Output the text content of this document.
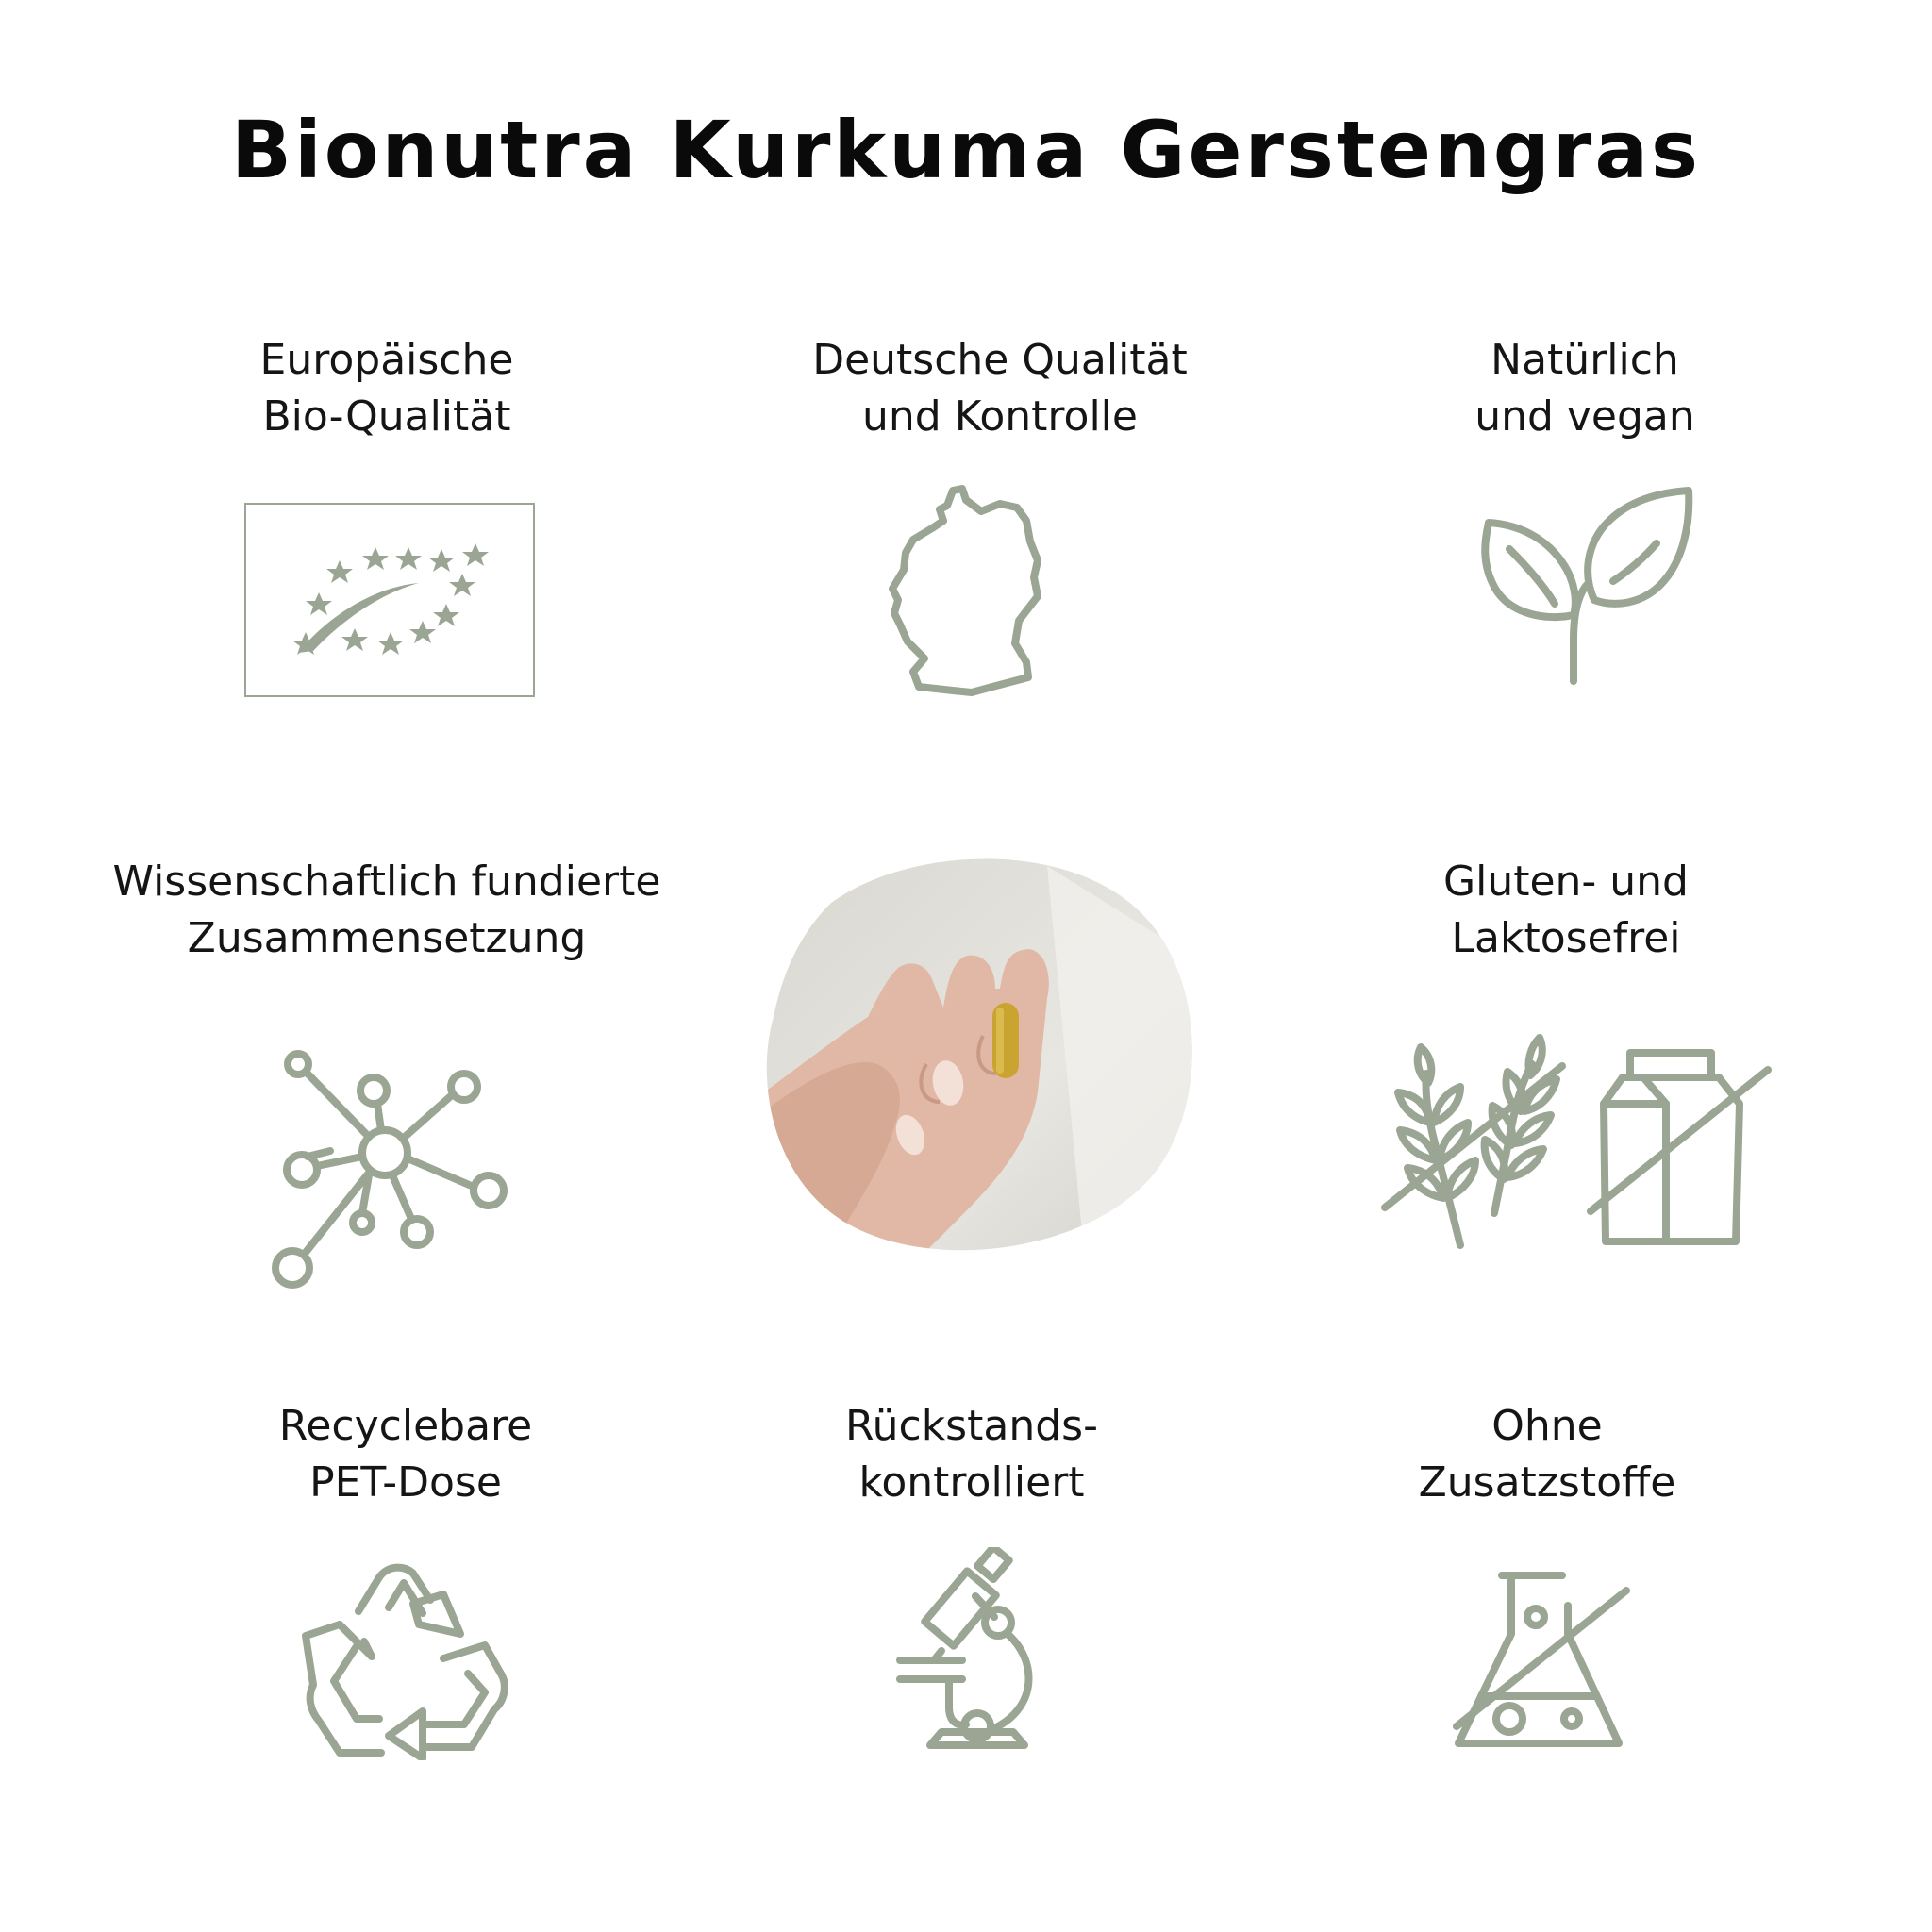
Bionutra Kurkuma Gerstengras
Europäische
Bio-Qualität
Deutsche Qualität
und Kontrolle
Natürlich
und vegan
Wissenschaftlich fundierte
Zusammensetzung
Gluten- und
Laktosefrei
Recyclebare
PET-Dose
Rückstands-
kontrolliert
Ohne
Zusatzstoffe
